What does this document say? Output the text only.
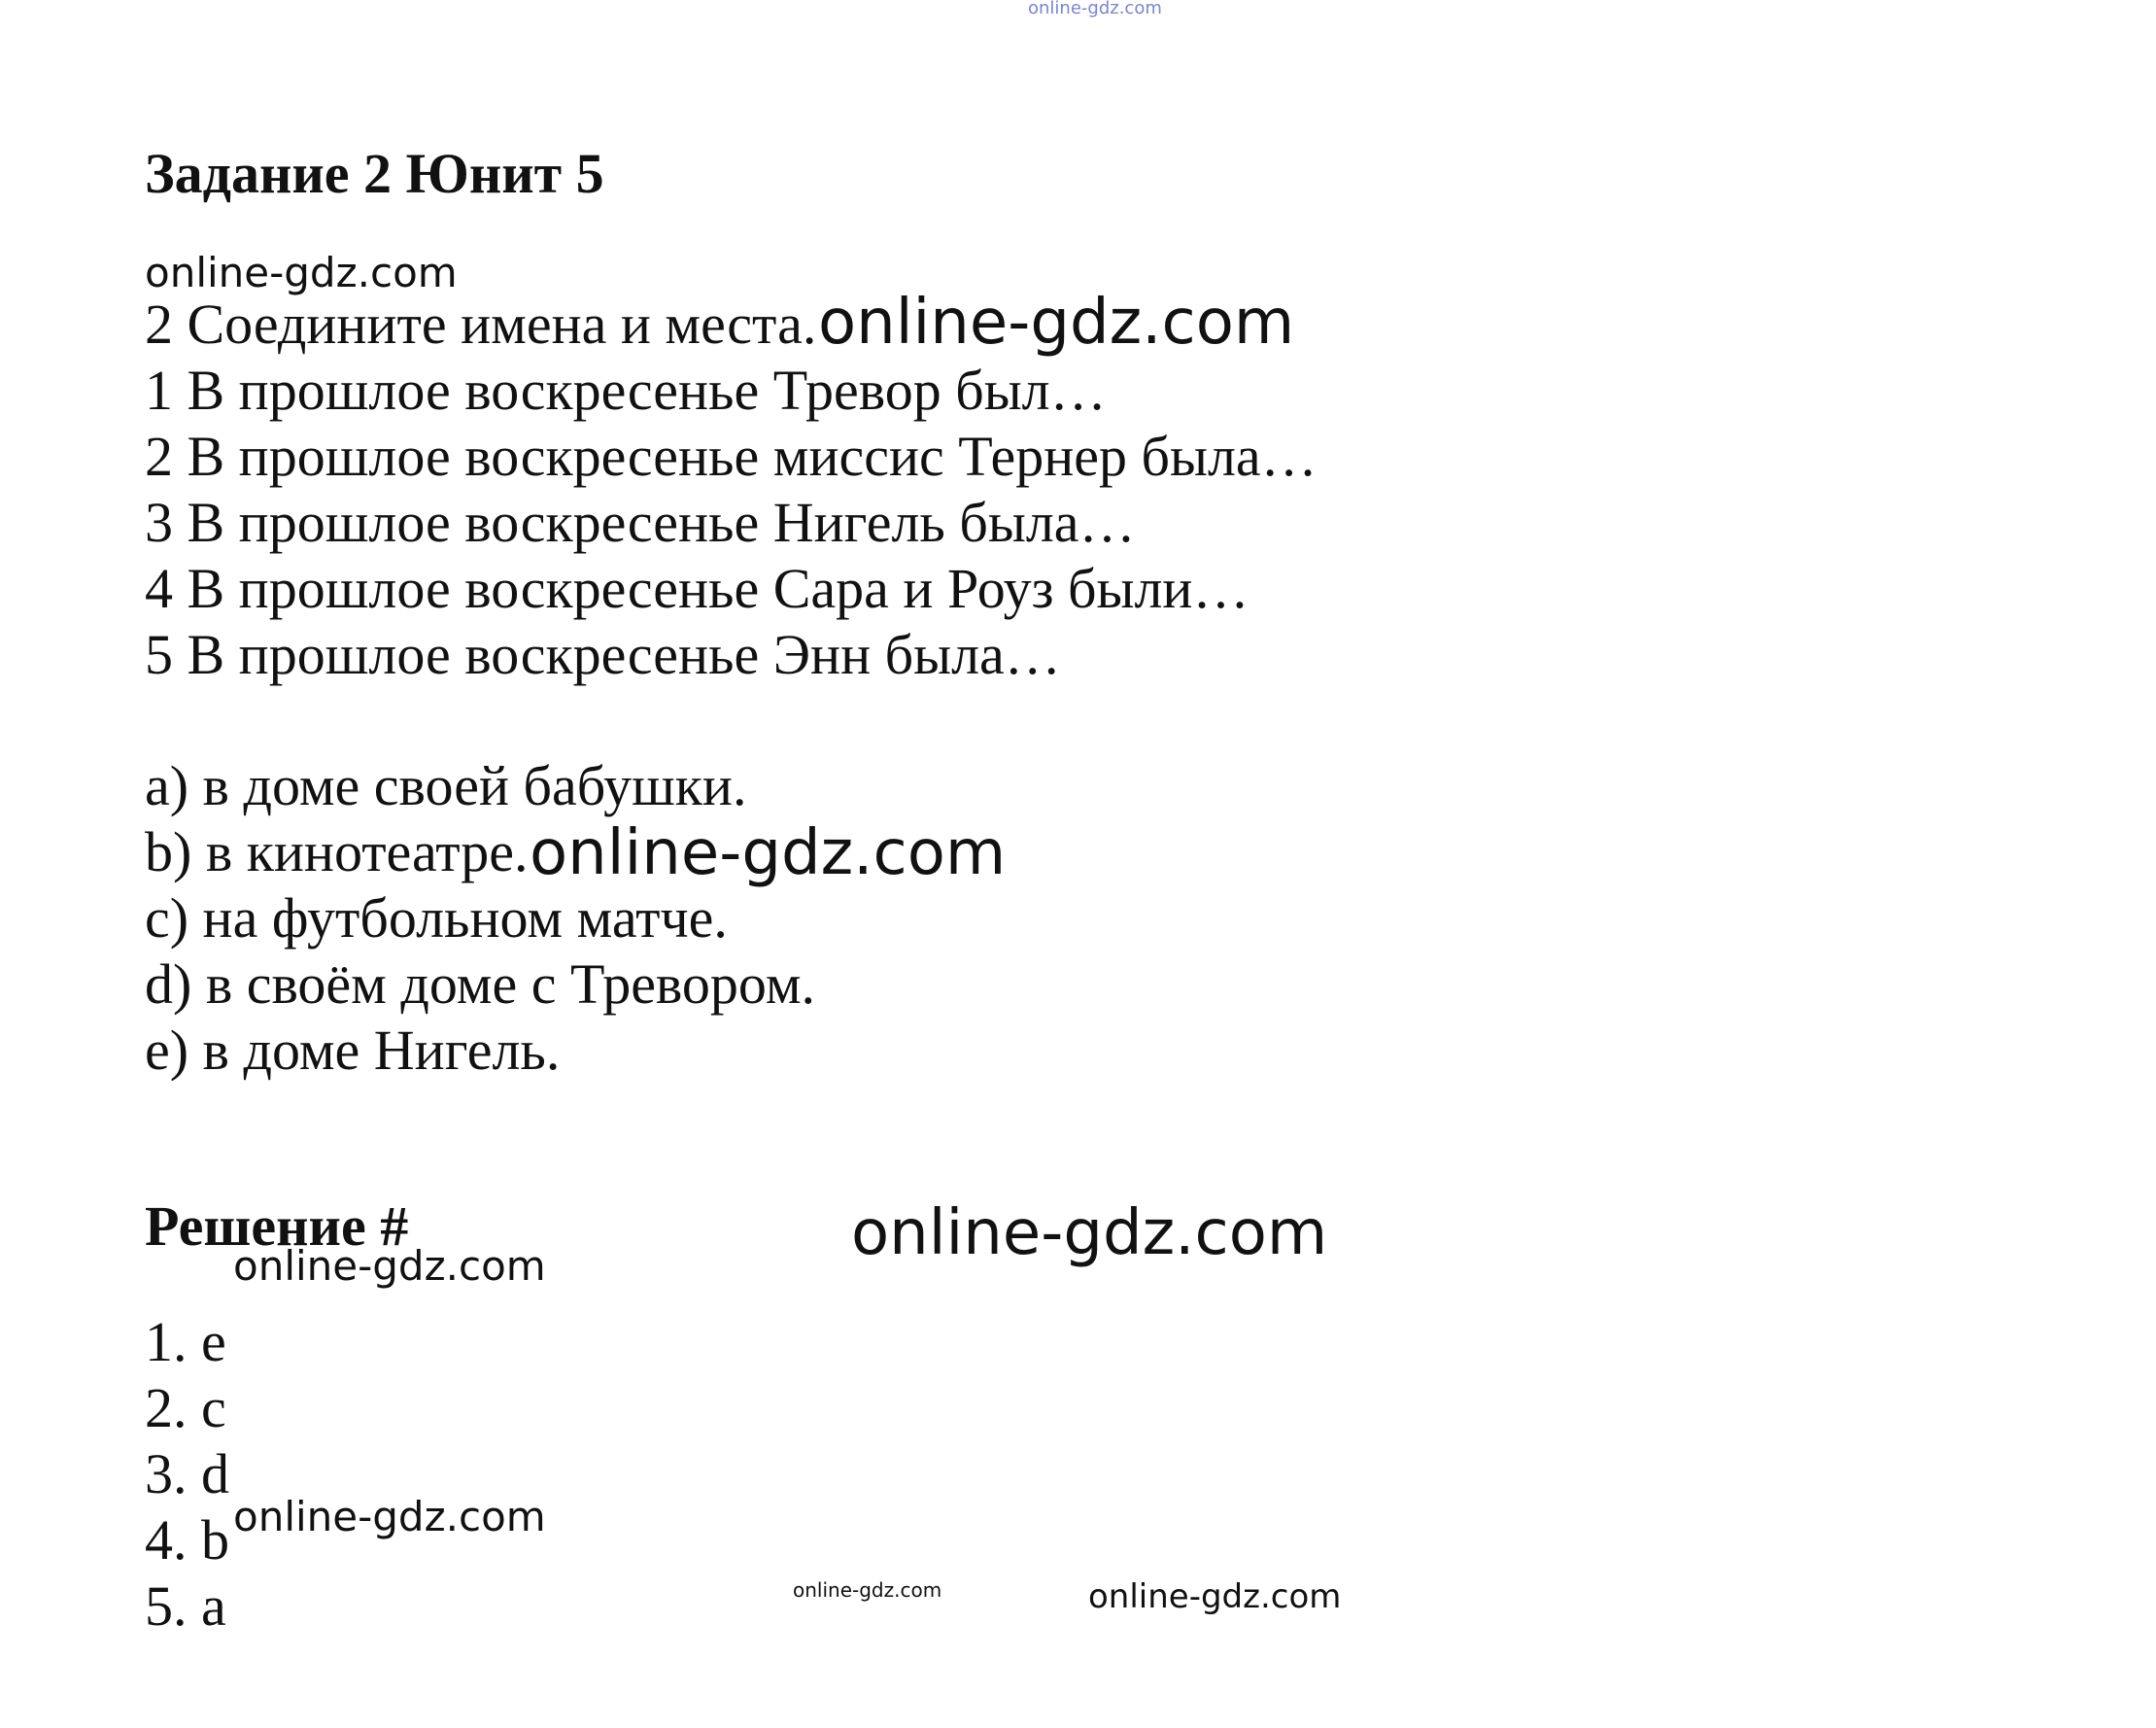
online-gdz.com
Задание 2 Юнит 5
online-gdz.com
2 Соедините имена и места. online-gdz.com
1 В прошлое воскресенье Тревор был…
2 В прошлое воскресенье миссис Тернер была…
3 В прошлое воскресенье Нигель была…
4 В прошлое воскресенье Сара и Роуз были…
5 В прошлое воскресенье Энн была…
a) в доме своей бабушки.
b) в кинотеатре. online-gdz.com
c) на футбольном матче.
d) в своём доме с Тревором.
e) в доме Нигель.
Решение #	online-gdz.com
online-gdz.com
1. e
2. c
3. d
4. b online-gdz.com
5. a	online-gdz.com	online-gdz.com
